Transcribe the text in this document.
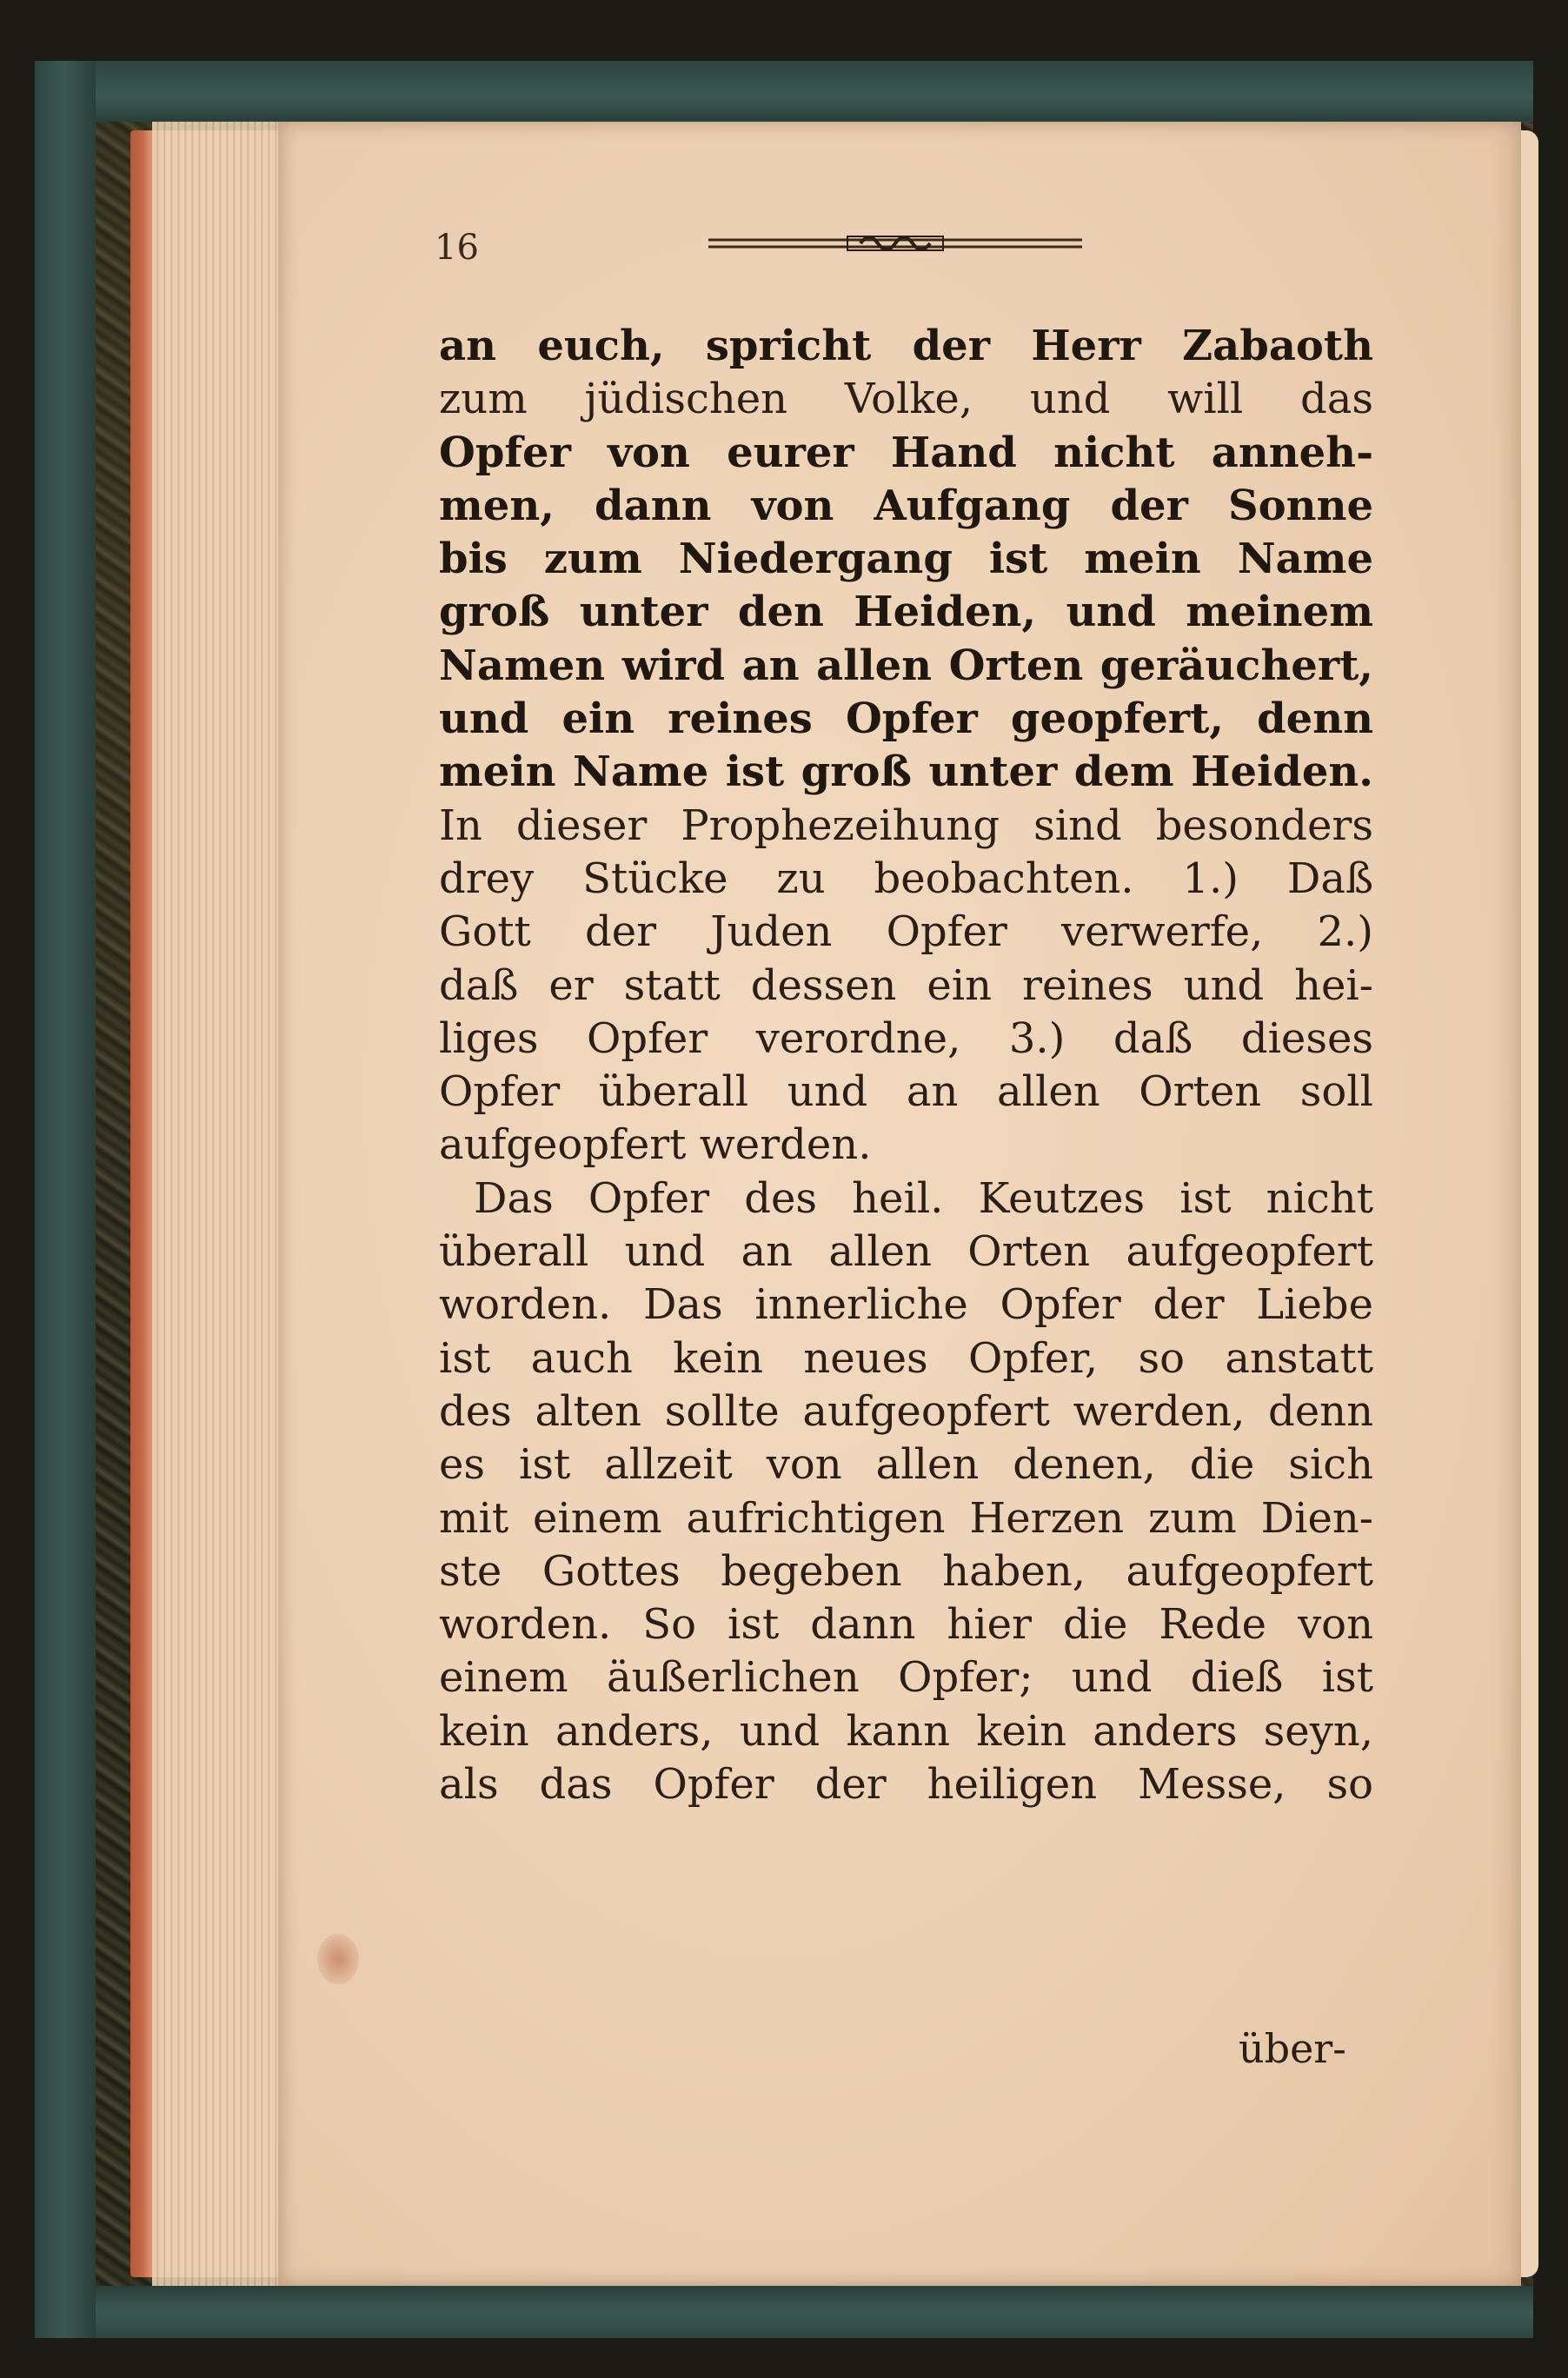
16
an euch, spricht der Herr Zabaoth
zum jüdischen Volke, und will das
Opfer von eurer Hand nicht anneh-
men, dann von Aufgang der Sonne
bis zum Niedergang ist mein Name
groß unter den Heiden, und meinem
Namen wird an allen Orten geräuchert,
und ein reines Opfer geopfert, denn
mein Name ist groß unter dem Heiden.
In dieser Prophezeihung sind besonders
drey Stücke zu beobachten. 1.) Daß
Gott der Juden Opfer verwerfe, 2.)
daß er statt dessen ein reines und hei-
liges Opfer verordne, 3.) daß dieses
Opfer überall und an allen Orten soll
aufgeopfert werden.
Das Opfer des heil. Keutzes ist nicht
überall und an allen Orten aufgeopfert
worden. Das innerliche Opfer der Liebe
ist auch kein neues Opfer, so anstatt
des alten sollte aufgeopfert werden, denn
es ist allzeit von allen denen, die sich
mit einem aufrichtigen Herzen zum Dien-
ste Gottes begeben haben, aufgeopfert
worden. So ist dann hier die Rede von
einem äußerlichen Opfer; und dieß ist
kein anders, und kann kein anders seyn,
als das Opfer der heiligen Messe, so
über-
